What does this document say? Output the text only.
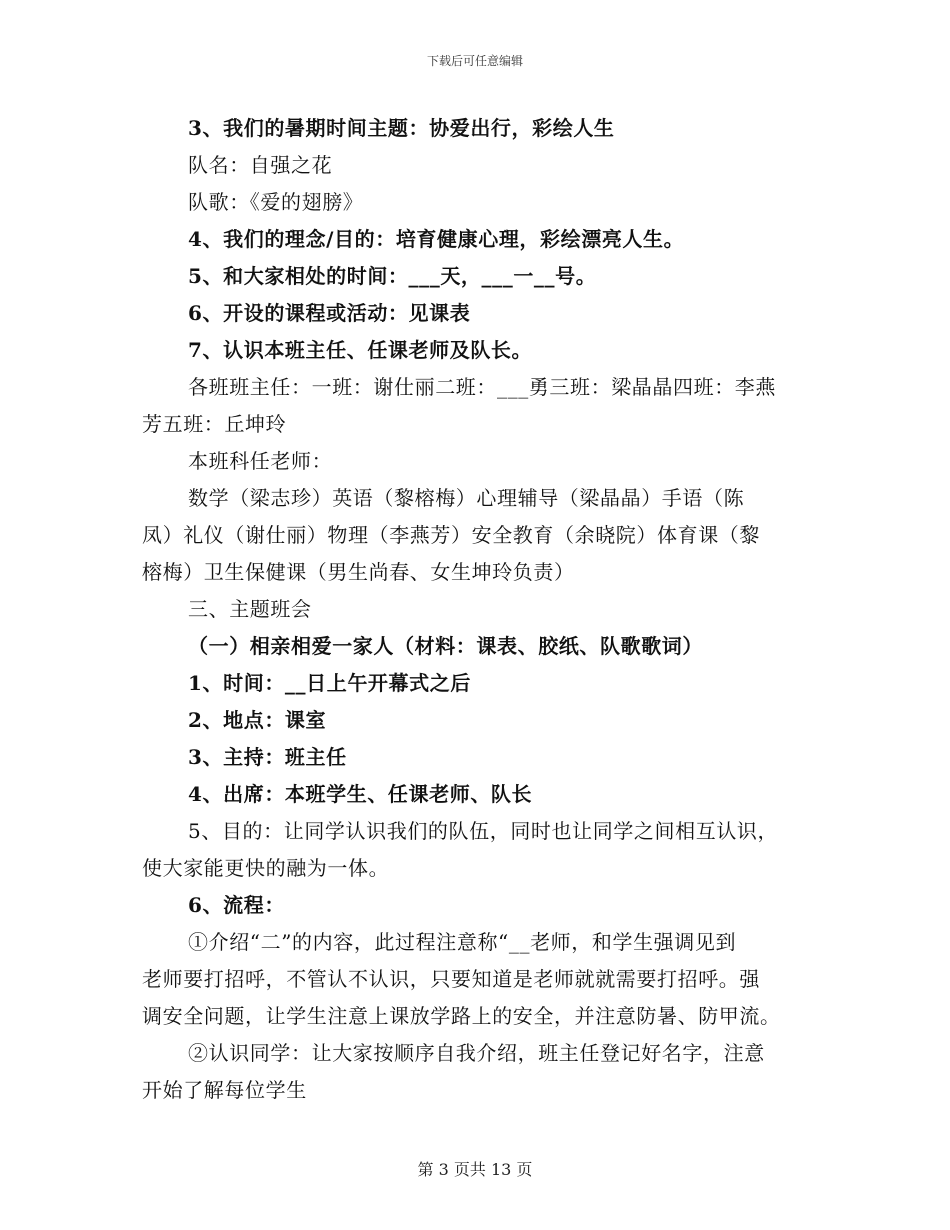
下载后可任意编辑
3、我们的暑期时间主题：协爱出行，彩绘人生
队名：自强之花
队歌：《爱的翅膀》
4、我们的理念/目的：培育健康心理，彩绘漂亮人生。
5、和大家相处的时间：___天，___一__号。
6、开设的课程或活动：见课表
7、认识本班主任、任课老师及队长。
各班班主任：一班：谢仕丽二班：___勇三班：梁晶晶四班：李燕
芳五班：丘坤玲
本班科任老师：
数学（梁志珍）英语（黎榕梅）心理辅导（梁晶晶）手语（陈
凤）礼仪（谢仕丽）物理（李燕芳）安全教育（余晓院）体育课（黎
榕梅）卫生保健课（男生尚春、女生坤玲负责）
三、主题班会
（一）相亲相爱一家人（材料：课表、胶纸、队歌歌词）
1、时间：__日上午开幕式之后
2、地点：课室
3、主持：班主任
4、出席：本班学生、任课老师、队长
5、目的：让同学认识我们的队伍，同时也让同学之间相互认识，
使大家能更快的融为一体。
6、流程：
①介绍“二”的内容，此过程注意称“__老师，和学生强调见到
老师要打招呼，不管认不认识，只要知道是老师就就需要打招呼。强
调安全问题，让学生注意上课放学路上的安全，并注意防暑、防甲流。
②认识同学：让大家按顺序自我介绍，班主任登记好名字，注意
开始了解每位学生
第 3 页共 13 页
